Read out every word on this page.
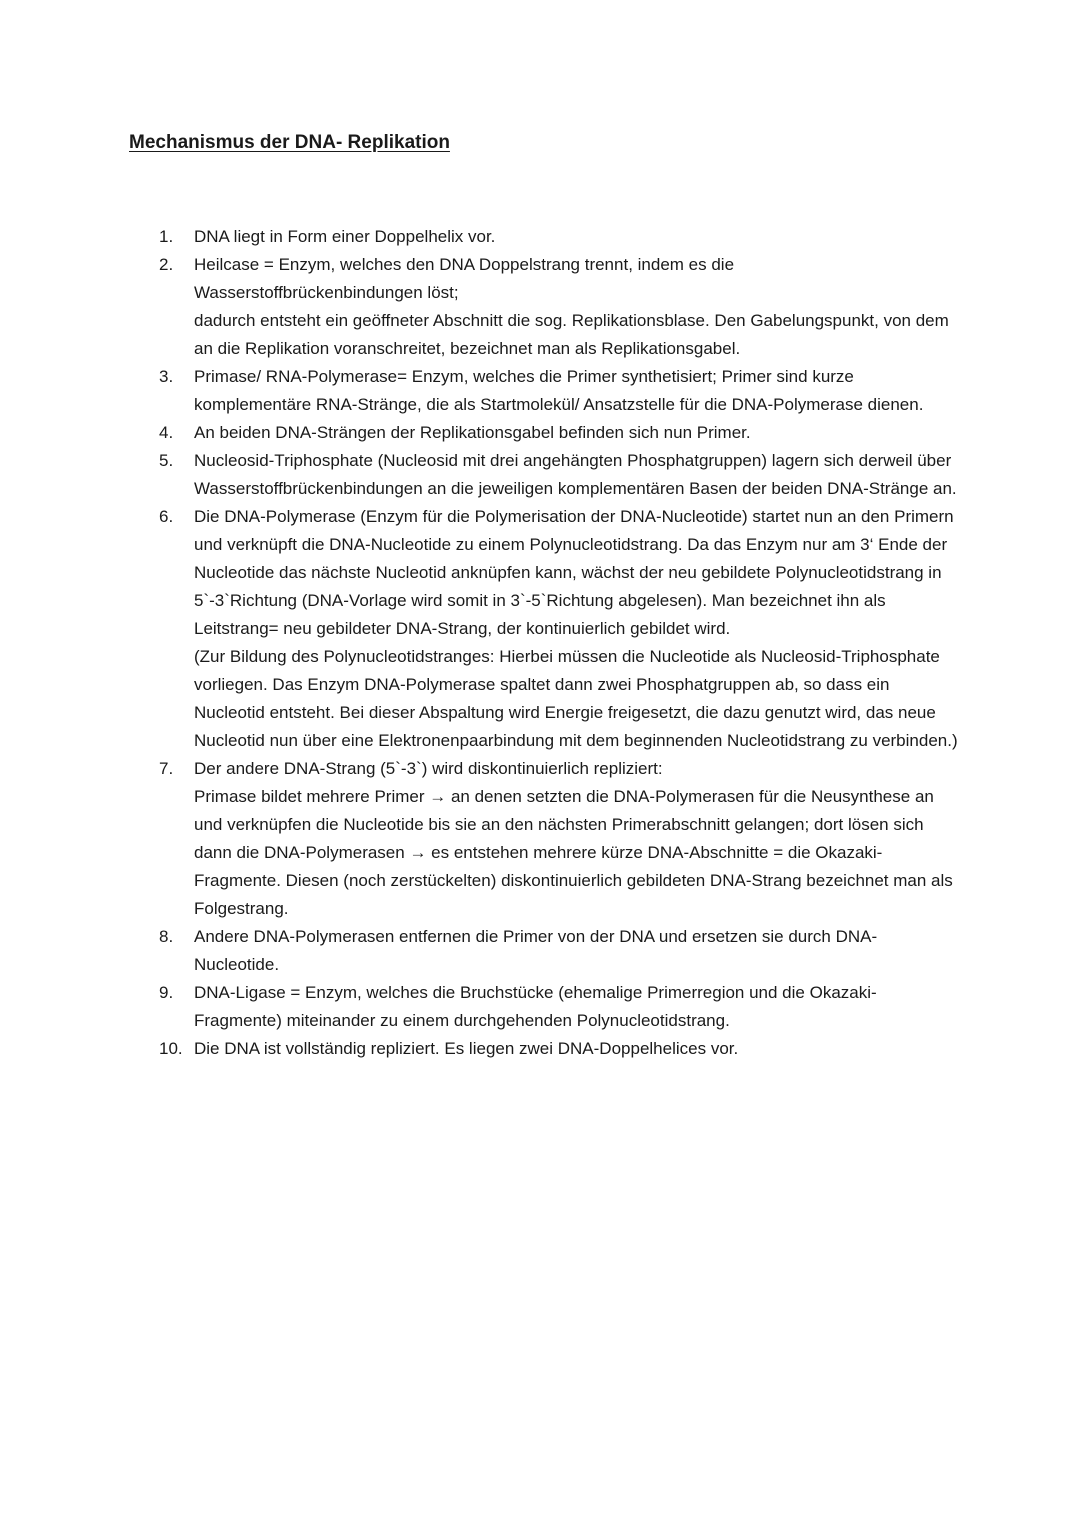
Mechanismus der DNA- Replikation
1.	DNA liegt in Form einer Doppelhelix vor.
2.	Heilcase = Enzym, welches den DNA Doppelstrang trennt, indem es die Wasserstoffbrückenbindungen löst;
dadurch entsteht ein geöffneter Abschnitt die sog. Replikationsblase. Den Gabelungspunkt, von dem an die Replikation voranschreitet, bezeichnet man als Replikationsgabel.
3.	Primase/ RNA-Polymerase= Enzym, welches die Primer synthetisiert; Primer sind kurze komplementäre RNA-Stränge, die als Startmolekül/ Ansatzstelle für die DNA-Polymerase dienen.
4.	An beiden DNA-Strängen der Replikationsgabel befinden sich nun Primer.
5.	Nucleosid-Triphosphate (Nucleosid mit drei angehängten Phosphatgruppen) lagern sich derweil über Wasserstoffbrückenbindungen an die jeweiligen komplementären Basen der beiden DNA-Stränge an.
6.	Die DNA-Polymerase (Enzym für die Polymerisation der DNA-Nucleotide) startet nun an den Primern und verknüpft die DNA-Nucleotide zu einem Polynucleotidstrang. Da das Enzym nur am 3‘ Ende der Nucleotide das nächste Nucleotid anknüpfen kann, wächst der neu gebildete Polynucleotidstrang in 5`-3`Richtung (DNA-Vorlage wird somit in 3`-5`Richtung abgelesen). Man bezeichnet ihn als Leitstrang= neu gebildeter DNA-Strang, der kontinuierlich gebildet wird.
(Zur Bildung des Polynucleotidstranges: Hierbei müssen die Nucleotide als Nucleosid-Triphosphate vorliegen. Das Enzym DNA-Polymerase spaltet dann zwei Phosphatgruppen ab, so dass ein Nucleotid entsteht. Bei dieser Abspaltung wird Energie freigesetzt, die dazu genutzt wird, das neue Nucleotid nun über eine Elektronenpaarbindung mit dem beginnenden Nucleotidstrang zu verbinden.)
7.	Der andere DNA-Strang (5`-3`) wird diskontinuierlich repliziert:
Primase bildet mehrere Primer → an denen setzten die DNA-Polymerasen für die Neusynthese an und verknüpfen die Nucleotide bis sie an den nächsten Primerabschnitt gelangen; dort lösen sich dann die DNA-Polymerasen → es entstehen mehrere kürze DNA-Abschnitte = die Okazaki-Fragmente. Diesen (noch zerstückelten) diskontinuierlich gebildeten DNA-Strang bezeichnet man als Folgestrang.
8.	Andere DNA-Polymerasen entfernen die Primer von der DNA und ersetzen sie durch DNA-Nucleotide.
9.	DNA-Ligase = Enzym, welches die Bruchstücke (ehemalige Primerregion und die Okazaki-Fragmente) miteinander zu einem durchgehenden Polynucleotidstrang.
10. Die DNA ist vollständig repliziert. Es liegen zwei DNA-Doppelhelices vor.
